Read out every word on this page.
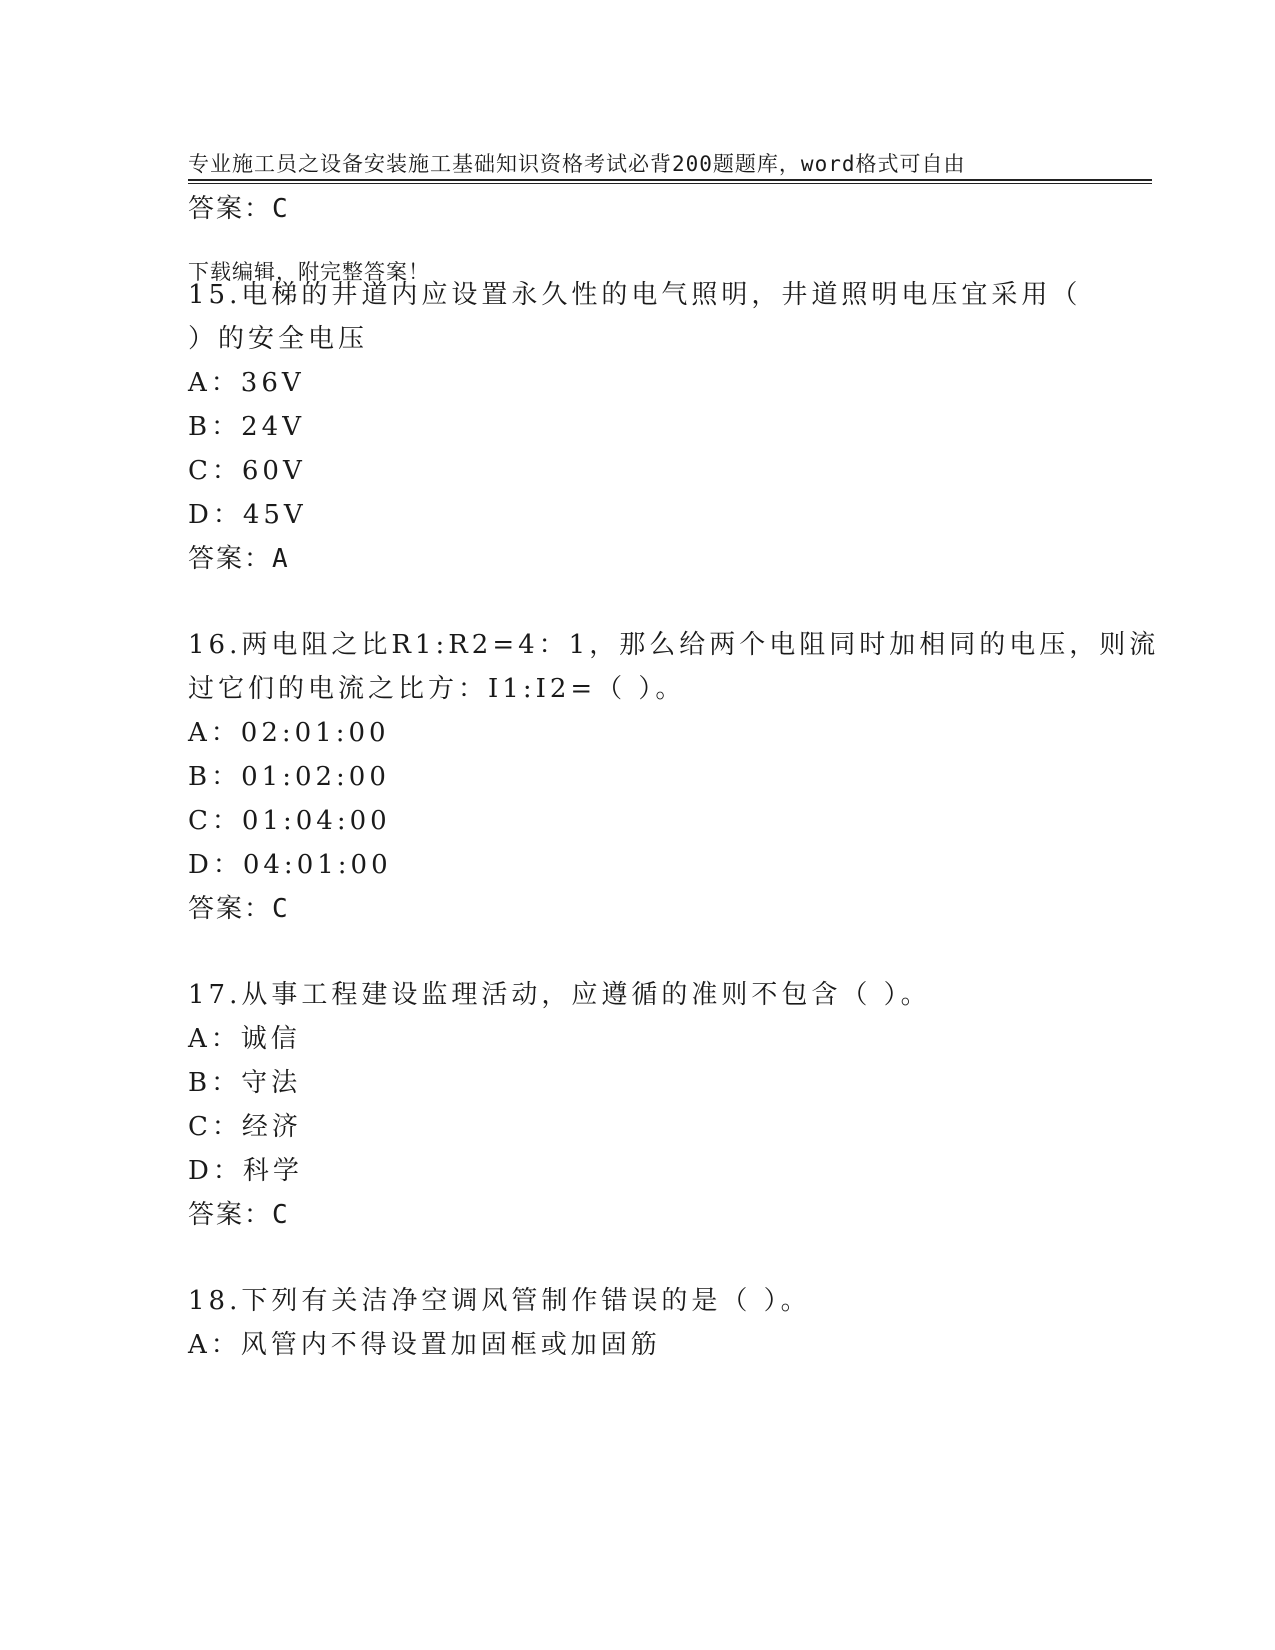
专业施工员之设备安装施工基础知识资格考试必背200题题库，word格式可自由

下载编辑，附完整答案！

答案：C
15.电梯的井道内应设置永久性的电气照明，井道照明电压宜采用（
）的安全电压
A：36V
B：24V
C：60V
D：45V
答案：A
16.两电阻之比R1:R2=4：1，那么给两个电阻同时加相同的电压，则流
过它们的电流之比方：I1:I2=（ ）。
A：02:01:00
B：01:02:00
C：01:04:00
D：04:01:00
答案：C
17.从事工程建设监理活动，应遵循的准则不包含（ ）。
A：诚信
B：守法
C：经济
D：科学
答案：C
18.下列有关洁净空调风管制作错误的是（ ）。
A：风管内不得设置加固框或加固筋
